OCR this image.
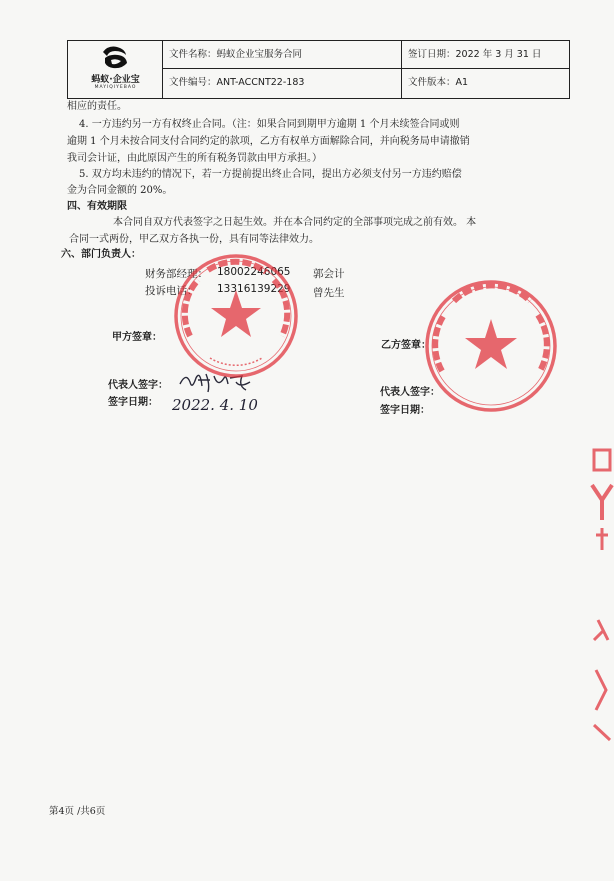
蚂蚁·企业宝
MAYIQIYEBAO
文件名称：蚂蚁企业宝服务合同
文件编号：ANT-ACCNT22-183
签订日期：2022 年 3 月 31 日
文件版本：A1
相应的责任。
4. 一方违约另一方有权终止合同。（注：如果合同到期甲方逾期 1 个月未续签合同或则
逾期 1 个月未按合同支付合同约定的款项，乙方有权单方面解除合同，并向税务局申请撤销
我司会计证，由此原因产生的所有税务罚款由甲方承担。）
5. 双方均未违约的情况下，若一方提前提出终止合同，提出方必须支付另一方违约赔偿
金为合同金额的 20%。
四、有效期限
本合同自双方代表签字之日起生效。并在本合同约定的全部事项完成之前有效。 本
合同一式两份，甲乙双方各执一份，具有同等法律效力。
六、部门负责人：
财务部经理： 18002246065 郭会计
投诉电话： 13316139229 曾先生
甲方签章：
代表人签字：
签字日期： 2022. 4. 10
乙方签章：
代表人签字：
签字日期：
第4页 /共6页
